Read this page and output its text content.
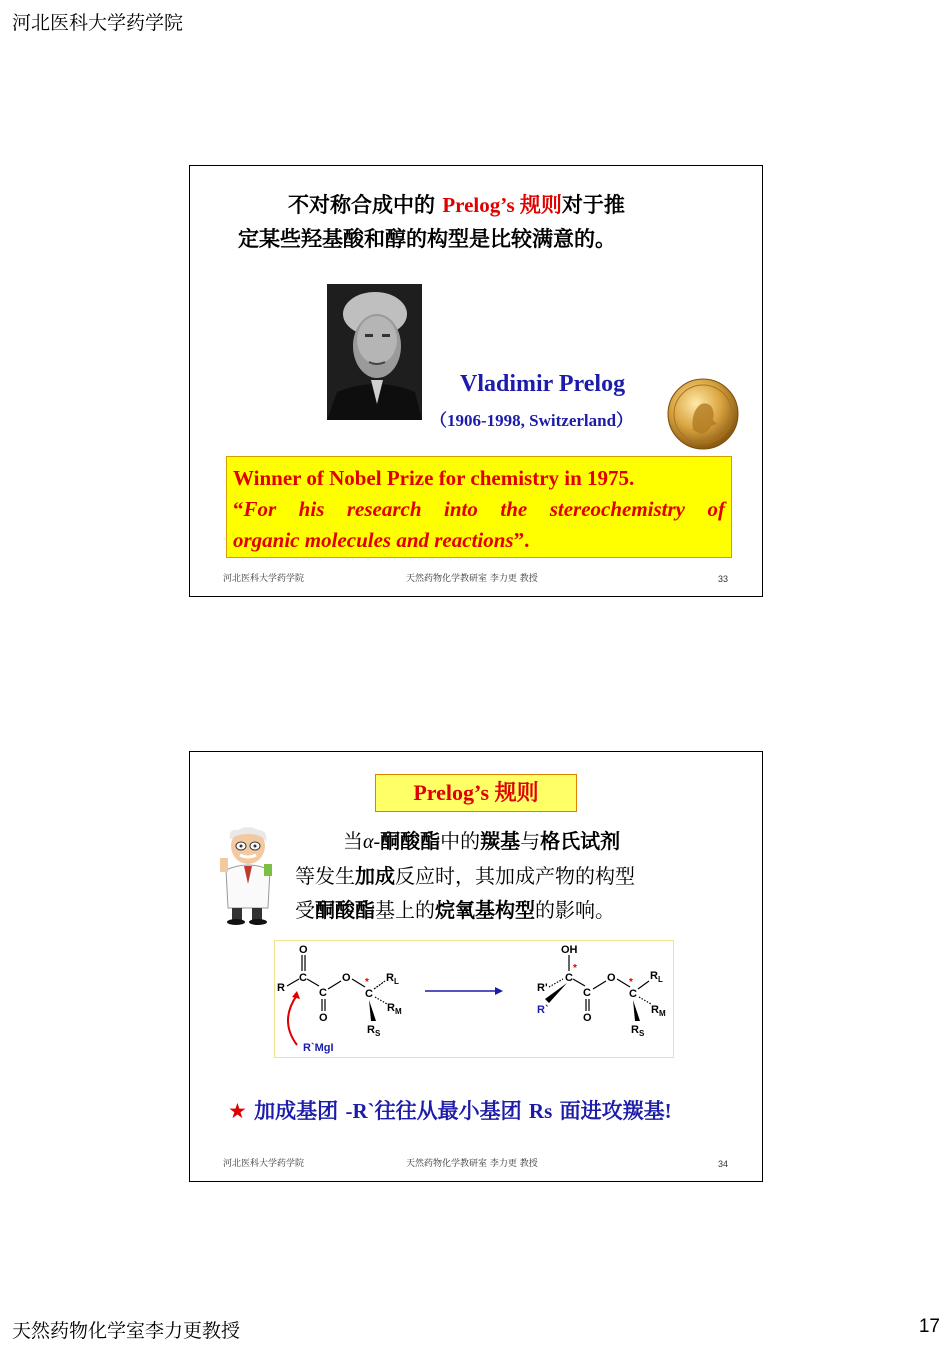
河北医科大学药学院
不对称合成中的 Prelog’s 规则对于推
定某些羟基酸和醇的构型是比较满意的。
Vladimir Prelog
（1906-1998, Switzerland）
Winner of Nobel Prize for chemistry in 1975.
“For his research into the stereochemistry of
organic molecules and reactions”.
河北医科大学药学院	天然药物化学教研室 李力更 教授	33
Prelog’s 规则
当α-酮酸酯中的羰基与格氏试剂
等发生加成反应时，其加成产物的构型
受酮酸酯基上的烷氧基构型的影响。
O
R
C
C
O
O
C
* $R_L$
$R_M$
$R_S$
R`MgI
OH
C
*
R'
R`
C
O
O
C
*
$R_L$
$R_M$
$R_S$
★ 加成基团 -R`往往从最小基团 Rs 面进攻羰基!
河北医科大学药学院	天然药物化学教研室 李力更 教授	34
天然药物化学室李力更教授	17
